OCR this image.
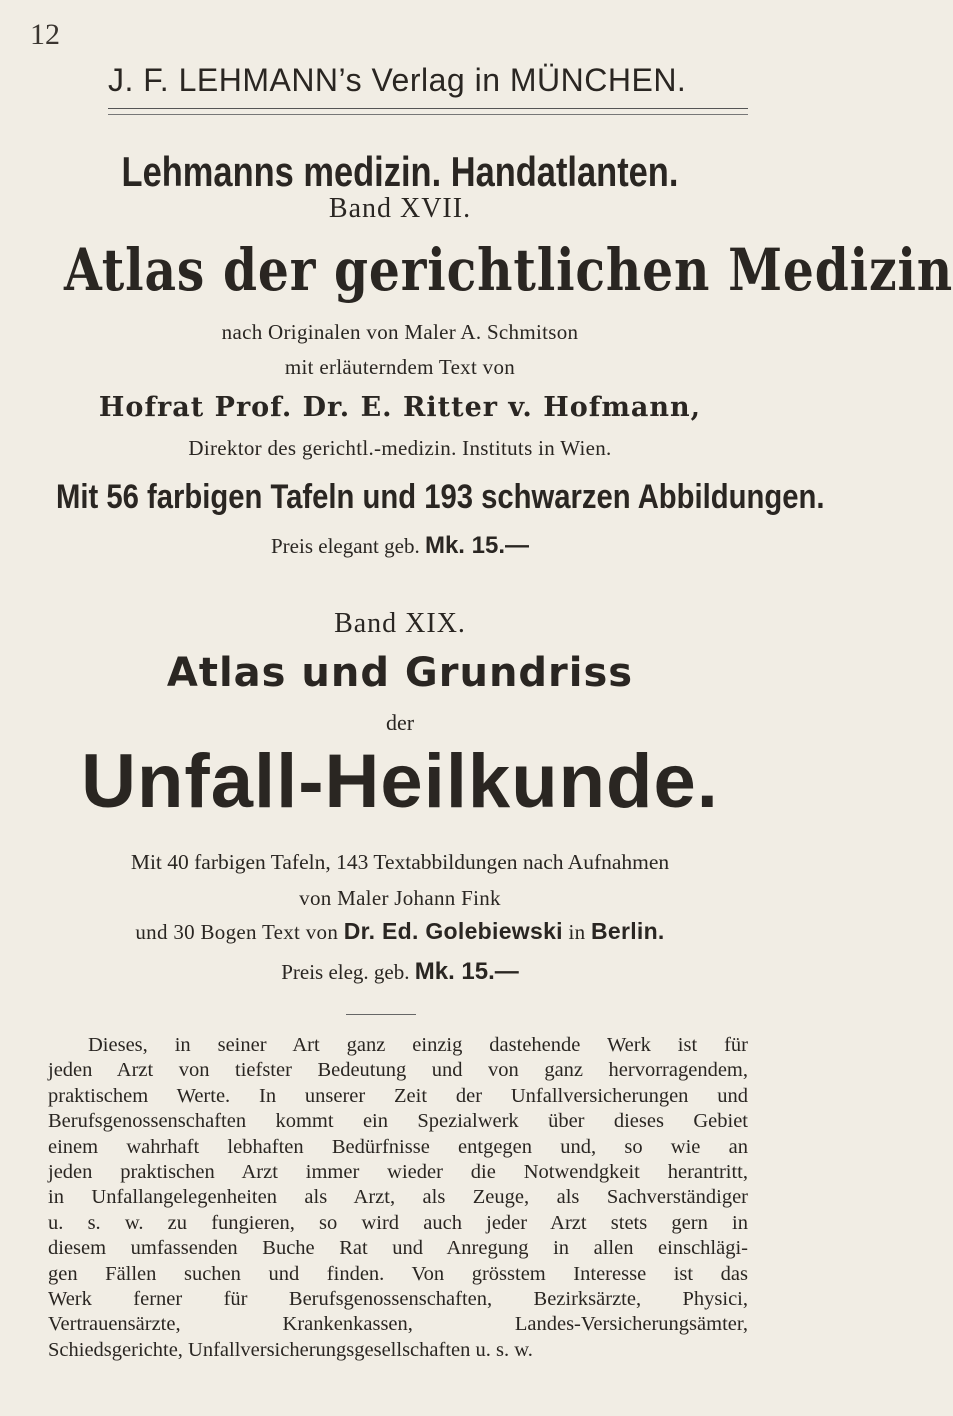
12
J. F. LEHMANN’s Verlag in MÜNCHEN.
Lehmanns medizin. Handatlanten.
Band XVII.
Atlas der gerichtlichen Medizin
nach Originalen von Maler A. Schmitson
mit erläuterndem Text von
Hofrat Prof. Dr. E. Ritter v. Hofmann,
Direktor des gerichtl.-medizin. Instituts in Wien.
Mit 56 farbigen Tafeln und 193 schwarzen Abbildungen.
Preis elegant geb. Mk. 15.—
Band XIX.
Atlas und Grundriss
der
Unfall-Heilkunde.
Mit 40 farbigen Tafeln, 143 Textabbildungen nach Aufnahmen
von Maler Johann Fink
und 30 Bogen Text von Dr. Ed. Golebiewski in Berlin.
Preis eleg. geb. Mk. 15.—
Dieses, in seiner Art ganz einzig dastehende Werk ist für
jeden Arzt von tiefster Bedeutung und von ganz hervorragendem,
praktischem Werte. In unserer Zeit der Unfallversicherungen und
Berufsgenossenschaften kommt ein Spezialwerk über dieses Gebiet
einem wahrhaft lebhaften Bedürfnisse entgegen und, so wie an
jeden praktischen Arzt immer wieder die Notwendgkeit herantritt,
in Unfallangelegenheiten als Arzt, als Zeuge, als Sachverständiger
u. s. w. zu fungieren, so wird auch jeder Arzt stets gern in
diesem umfassenden Buche Rat und Anregung in allen einschlägi-
gen Fällen suchen und finden. Von grösstem Interesse ist das
Werk ferner für Berufsgenossenschaften, Bezirksärzte, Physici,
Vertrauensärzte, Krankenkassen, Landes-Versicherungsämter,
Schiedsgerichte, Unfallversicherungsgesellschaften u. s. w.
